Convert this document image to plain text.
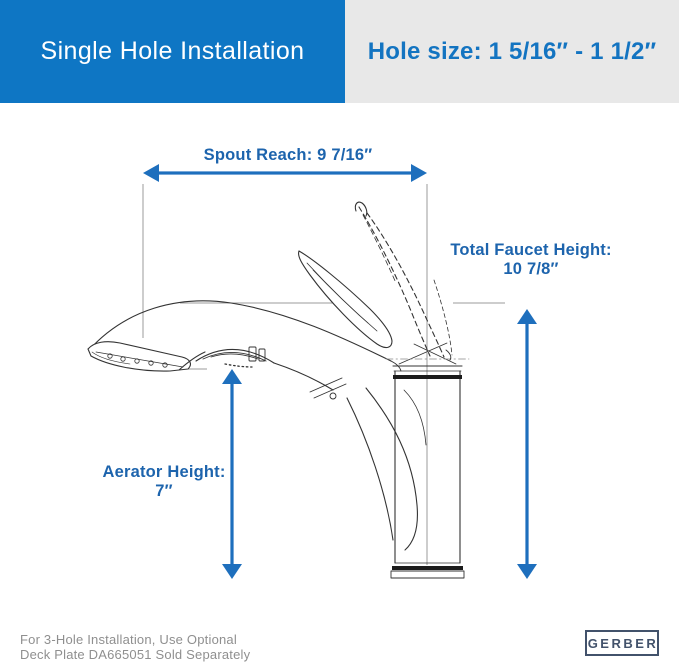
Single Hole Installation	Hole size: 1 5/16″ - 1 1/2″
Spout Reach: 9 7/16″
Total Faucet Height:
10 7/8″
Aerator Height:
7″
For 3-Hole Installation, Use Optional
Deck Plate DA665051 Sold Separately
GERBER
